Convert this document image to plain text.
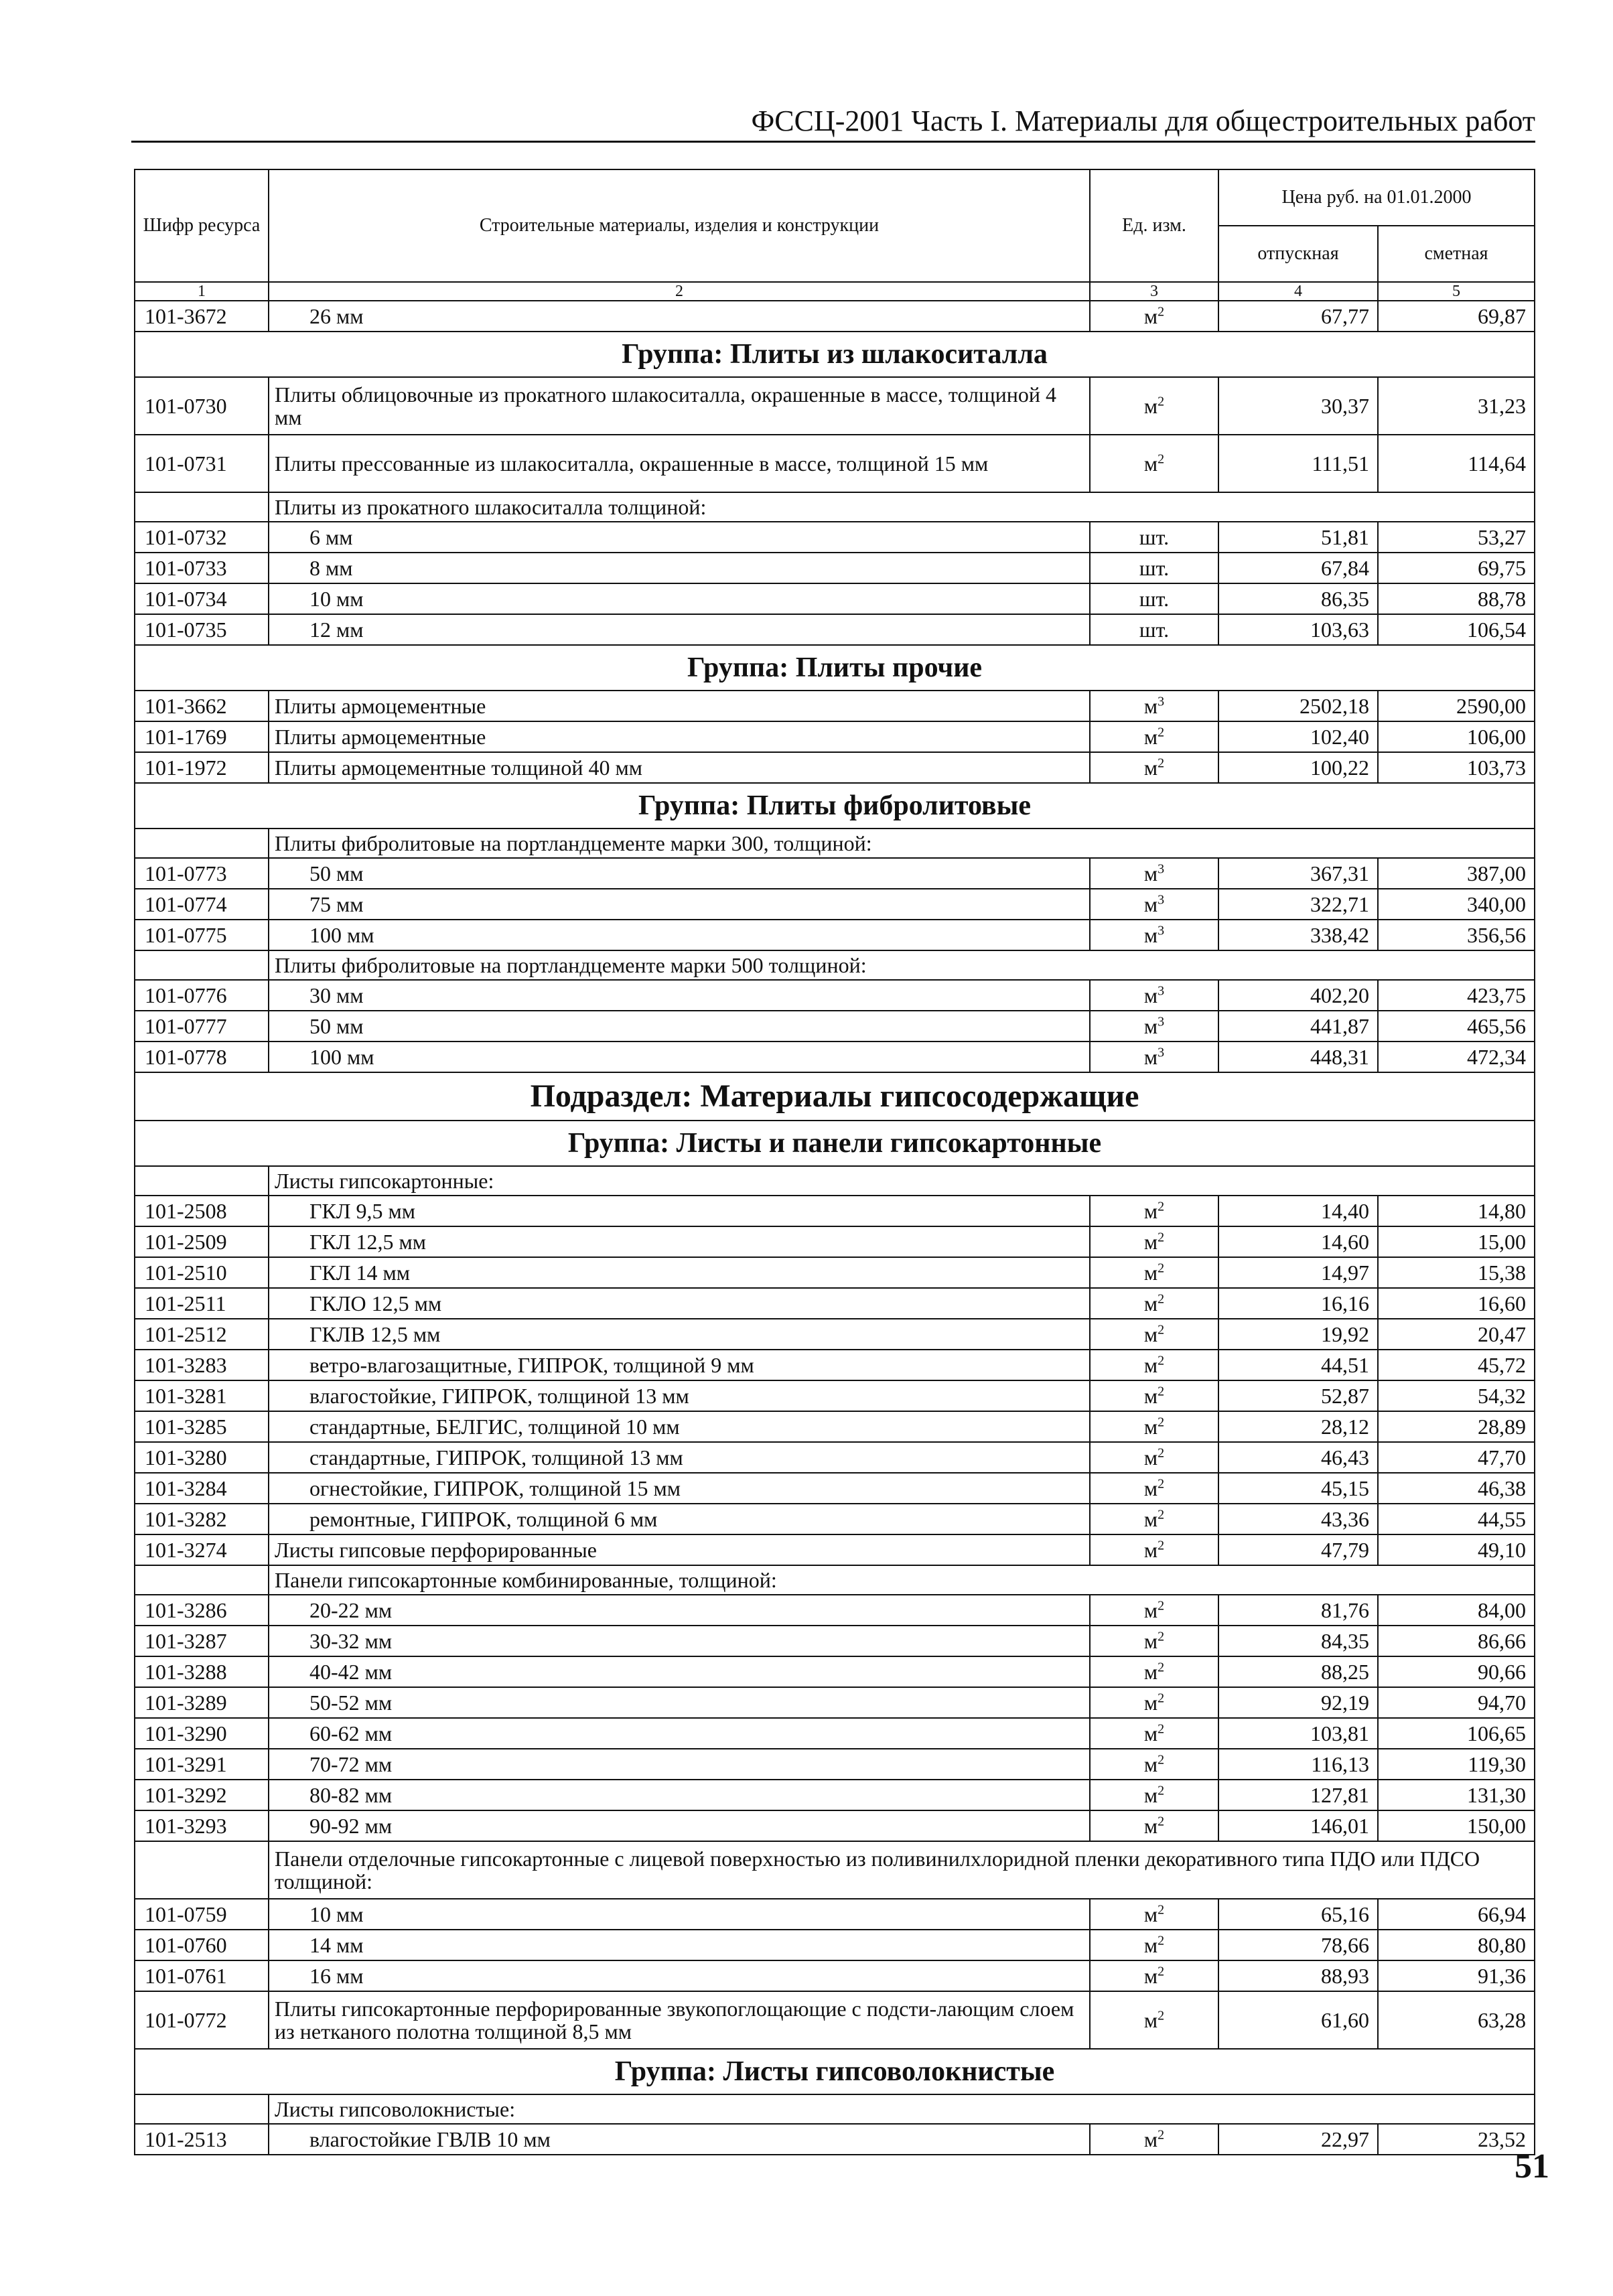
ФССЦ-2001 Часть I. Материалы для общестроительных работ
Шифр ресурса	Строительные материалы, изделия и конструкции	Ед. изм.	Цена руб. на 01.01.2000	
			отпускная	сметная
1	2	3	4	5
101-3672	26 мм	$м^2$	67,77	69,87
Группа: Плиты из шлакоситалла				
101-0730	Плиты облицовочные из прокатного шлакоситалла, окрашенные в массе, толщиной 4 мм	$м^2$	30,37	31,23
101-0731	Плиты прессованные из шлакоситалла, окрашенные в массе, толщиной 15 мм	$м^2$	111,51	114,64
	Плиты из прокатного шлакоситалла толщиной:			
101-0732	6 мм	шт.	51,81	53,27
101-0733	8 мм	шт.	67,84	69,75
101-0734	10 мм	шт.	86,35	88,78
101-0735	12 мм	шт.	103,63	106,54
Группа: Плиты прочие				
101-3662	Плиты армоцементные	$м^3$	2502,18	2590,00
101-1769	Плиты армоцементные	$м^2$	102,40	106,00
101-1972	Плиты армоцементные толщиной 40 мм	$м^2$	100,22	103,73
Группа: Плиты фибролитовые				
	Плиты фибролитовые на портландцементе марки 300, толщиной:			
101-0773	50 мм	$м^3$	367,31	387,00
101-0774	75 мм	$м^3$	322,71	340,00
101-0775	100 мм	$м^3$	338,42	356,56
	Плиты фибролитовые на портландцементе марки 500 толщиной:			
101-0776	30 мм	$м^3$	402,20	423,75
101-0777	50 мм	$м^3$	441,87	465,56
101-0778	100 мм	$м^3$	448,31	472,34
Подраздел: Материалы гипсосодержащие				
Группа: Листы и панели гипсокартонные				
	Листы гипсокартонные:			
101-2508	ГКЛ 9,5 мм	$м^2$	14,40	14,80
101-2509	ГКЛ 12,5 мм	$м^2$	14,60	15,00
101-2510	ГКЛ 14 мм	$м^2$	14,97	15,38
101-2511	ГКЛО 12,5 мм	$м^2$	16,16	16,60
101-2512	ГКЛВ 12,5 мм	$м^2$	19,92	20,47
101-3283	ветро-влагозащитные, ГИПРОК, толщиной 9 мм	$м^2$	44,51	45,72
101-3281	влагостойкие, ГИПРОК, толщиной 13 мм	$м^2$	52,87	54,32
101-3285	стандартные, БЕЛГИС, толщиной 10 мм	$м^2$	28,12	28,89
101-3280	стандартные, ГИПРОК, толщиной 13 мм	$м^2$	46,43	47,70
101-3284	огнестойкие, ГИПРОК, толщиной 15 мм	$м^2$	45,15	46,38
101-3282	ремонтные, ГИПРОК, толщиной 6 мм	$м^2$	43,36	44,55
101-3274	Листы гипсовые перфорированные	$м^2$	47,79	49,10
	Панели гипсокартонные комбинированные, толщиной:			
101-3286	20-22 мм	$м^2$	81,76	84,00
101-3287	30-32 мм	$м^2$	84,35	86,66
101-3288	40-42 мм	$м^2$	88,25	90,66
101-3289	50-52 мм	$м^2$	92,19	94,70
101-3290	60-62 мм	$м^2$	103,81	106,65
101-3291	70-72 мм	$м^2$	116,13	119,30
101-3292	80-82 мм	$м^2$	127,81	131,30
101-3293	90-92 мм	$м^2$	146,01	150,00
	Панели отделочные гипсокартонные с лицевой поверхностью из поливинилхлоридной пленки декоративного типа ПДО или ПДСО толщиной:			
101-0759	10 мм	$м^2$	65,16	66,94
101-0760	14 мм	$м^2$	78,66	80,80
101-0761	16 мм	$м^2$	88,93	91,36
101-0772	Плиты гипсокартонные перфорированные звукопоглощающие с подсти-лающим слоем из нетканого полотна толщиной 8,5 мм	$м^2$	61,60	63,28
Группа: Листы гипсоволокнистые				
	Листы гипсоволокнистые:			
101-2513	влагостойкие ГВЛВ 10 мм	$м^2$	22,97	23,52
51
